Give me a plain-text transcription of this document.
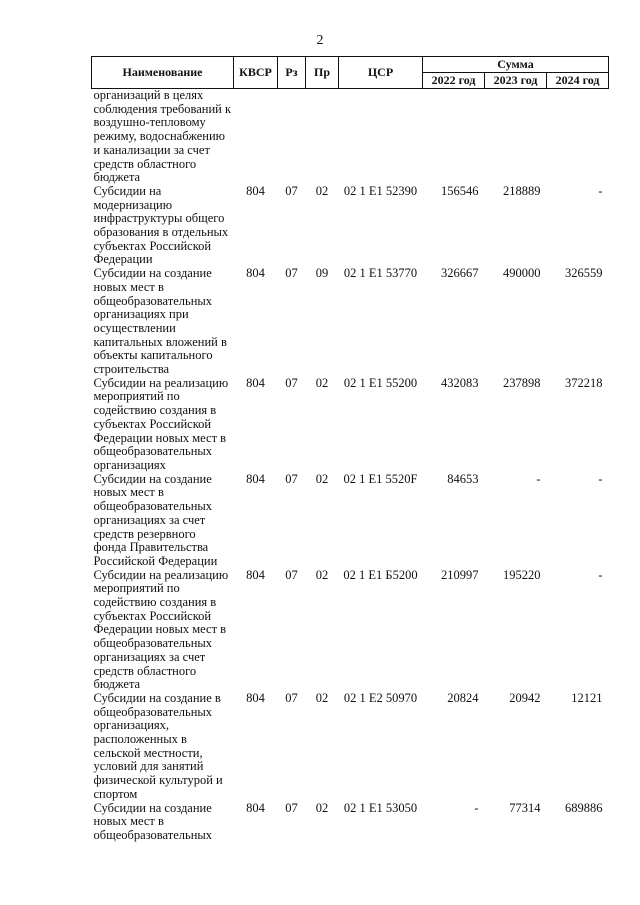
2
Наименование	КВСР	Рз	Пр	ЦСР	Сумма		
					2022 год	2023 год	2024 год
организаций в целях соблюдения требований к воздушно-тепловому режиму, водоснабжению и канализации за счет средств областного бюджета							
Субсидии на модернизацию инфраструктуры общего образования в отдельных субъектах Российской Федерации	804	07	02	02 1 Е1 52390	156546	218889	-
Субсидии на создание новых мест в общеобразовательных организациях при осуществлении капитальных вложений в объекты капитального строительства	804	07	09	02 1 Е1 53770	326667	490000	326559
Субсидии на реализацию мероприятий по содействию создания в субъектах Российской Федерации новых мест в общеобразовательных организациях	804	07	02	02 1 Е1 55200	432083	237898	372218
Субсидии на создание новых мест в общеобразовательных организациях за счет средств резервного фонда Правительства Российской Федерации	804	07	02	02 1 Е1 5520F	84653	-	-
Субсидии на реализацию мероприятий по содействию создания в субъектах Российской Федерации новых мест в общеобразовательных организациях за счет средств областного бюджета	804	07	02	02 1 Е1 Б5200	210997	195220	-
Субсидии на создание в общеобразовательных организациях, расположенных в сельской местности, условий для занятий физической культурой и спортом	804	07	02	02 1 Е2 50970	20824	20942	12121
Субсидии на создание новых мест в общеобразовательных	804	07	02	02 1 Е1 53050	-	77314	689886
